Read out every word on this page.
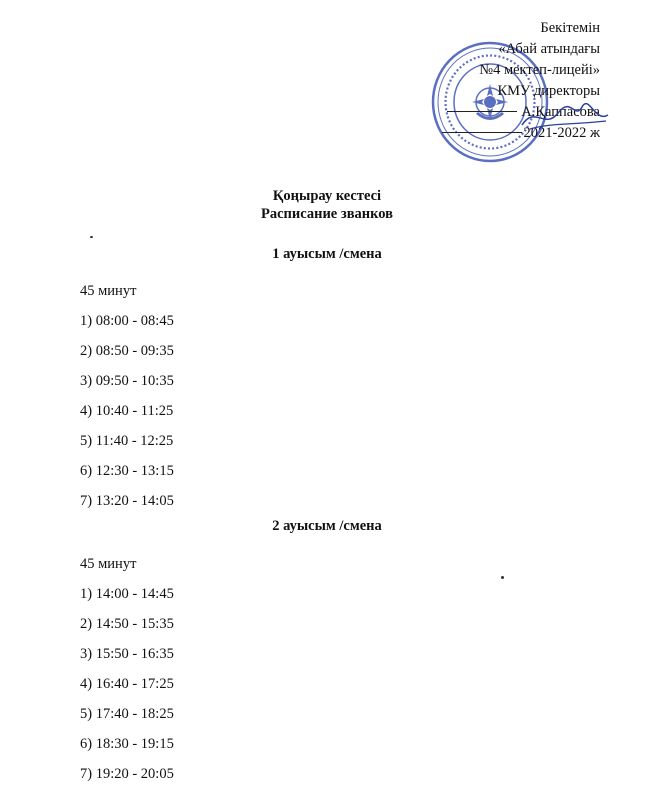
Бекітемін
«Абай атындағы
№4 мектеп-лицейі»
КМУ директоры
А.Қаппасова
2021-2022 ж
Қоңырау кестесі
Расписание званков
1 ауысым /смена
45 минут
1) 08:00 - 08:45
2) 08:50 - 09:35
3) 09:50 - 10:35
4) 10:40 - 11:25
5) 11:40 - 12:25
6) 12:30 - 13:15
7) 13:20 - 14:05
2 ауысым /смена
45 минут
1) 14:00 - 14:45
2) 14:50 - 15:35
3) 15:50 - 16:35
4) 16:40 - 17:25
5) 17:40 - 18:25
6) 18:30 - 19:15
7) 19:20 - 20:05
